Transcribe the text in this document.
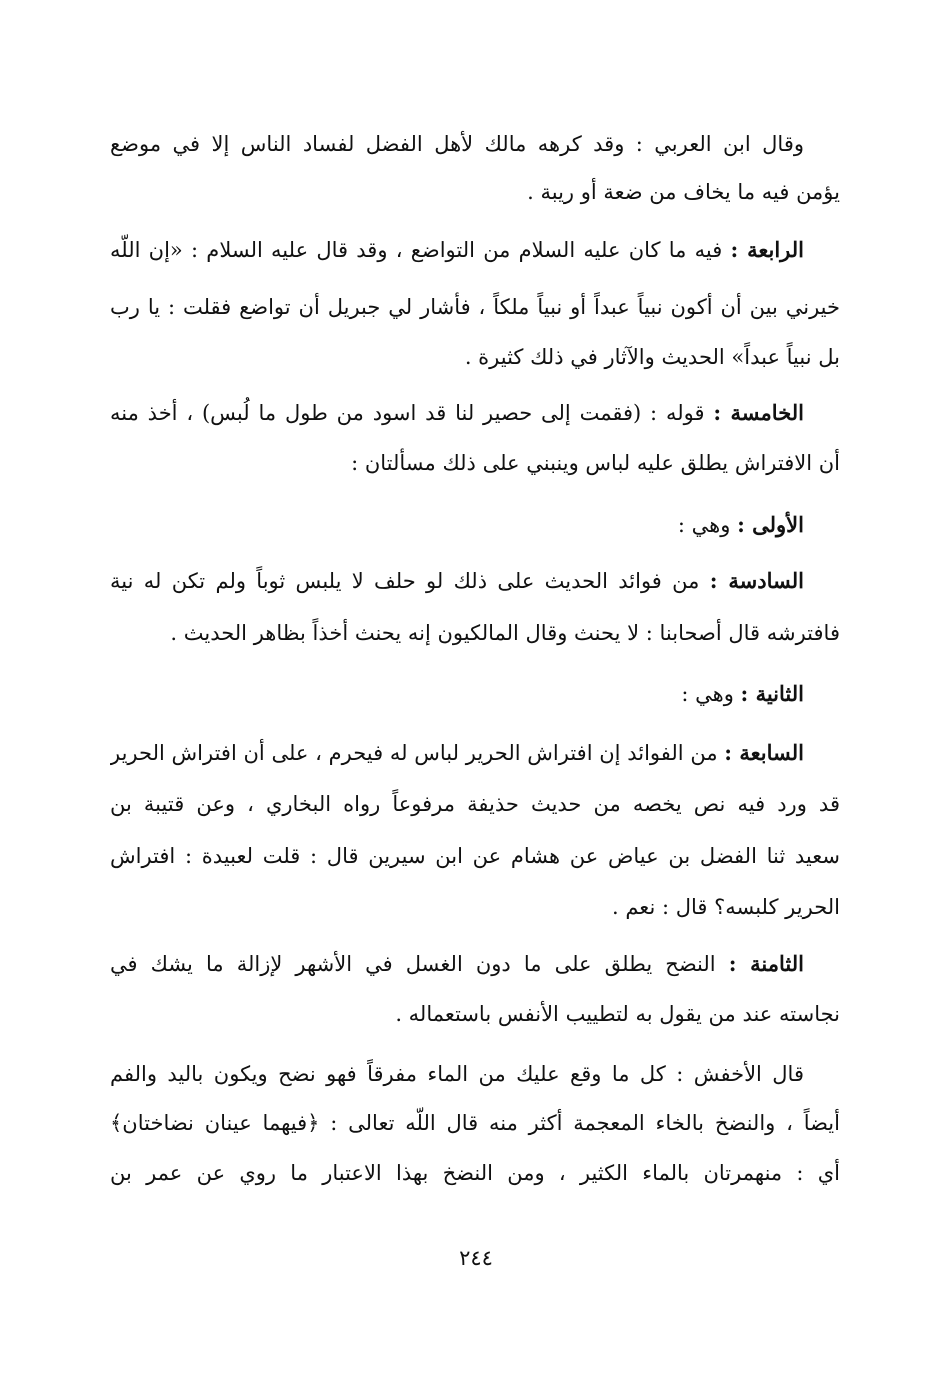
وقال ابن العربي : وقد كرهه مالك لأهل الفضل لفساد الناس إلا في موضع
يؤمن فيه ما يخاف من ضعة أو ريبة .
الرابعة : فيه ما كان عليه السلام من التواضع ، وقد قال عليه السلام : «إن اللّه
خيرني بين أن أكون نبياً عبداً أو نبياً ملكاً ، فأشار لي جبريل أن تواضع فقلت : يا رب
بل نبياً عبداً» الحديث والآثار في ذلك كثيرة .
الخامسة : قوله : (فقمت إلى حصير لنا قد اسود من طول ما لُبس) ، أخذ منه
أن الافتراش يطلق عليه لباس وينبني على ذلك مسألتان :
الأولى : وهي :
السادسة : من فوائد الحديث على ذلك لو حلف لا يلبس ثوباً ولم تكن له نية
فافترشه قال أصحابنا : لا يحنث وقال المالكيون إنه يحنث أخذاً بظاهر الحديث .
الثانية : وهي :
السابعة : من الفوائد إن افتراش الحرير لباس له فيحرم ، على أن افتراش الحرير
قد ورد فيه نص يخصه من حديث حذيفة مرفوعاً رواه البخاري ، وعن قتيبة بن
سعيد ثنا الفضل بن عياض عن هشام عن ابن سيرين قال : قلت لعبيدة : افتراش
الحرير كلبسه؟ قال : نعم .
الثامنة : النضح يطلق على ما دون الغسل في الأشهر لإزالة ما يشك في
نجاسته عند من يقول به لتطييب الأنفس باستعماله .
قال الأخفش : كل ما وقع عليك من الماء مفرقاً فهو نضح ويكون باليد والفم
أيضاً ، والنضخ بالخاء المعجمة أكثر منه قال اللّه تعالى : ﴿فيهما عينان نضاختان﴾
أي : منهمرتان بالماء الكثير ، ومن النضخ بهذا الاعتبار ما روي عن عمر بن
٢٤٤
